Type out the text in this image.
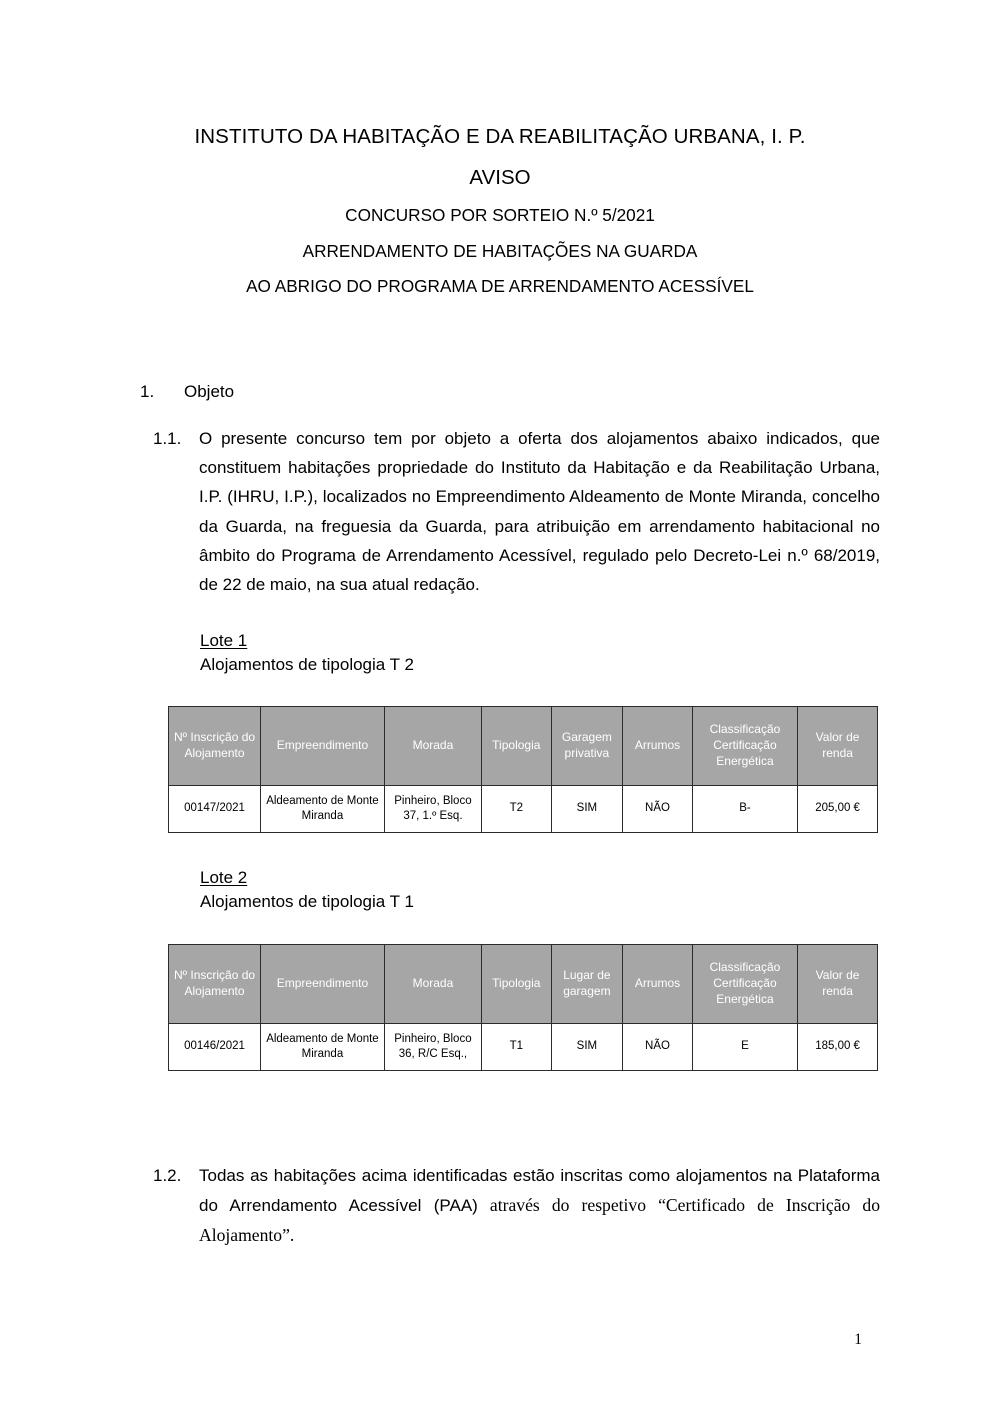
INSTITUTO DA HABITAÇÃO E DA REABILITAÇÃO URBANA, I. P.
AVISO
CONCURSO POR SORTEIO N.º 5/2021
ARRENDAMENTO DE HABITAÇÕES NA GUARDA
AO ABRIGO DO PROGRAMA DE ARRENDAMENTO ACESSÍVEL
1.	Objeto
1.1.	O presente concurso tem por objeto a oferta dos alojamentos abaixo indicados, que constituem habitações propriedade do Instituto da Habitação e da Reabilitação Urbana, I.P. (IHRU, I.P.), localizados no Empreendimento Aldeamento de Monte Miranda, concelho da Guarda, na freguesia da Guarda, para atribuição em arrendamento habitacional no âmbito do Programa de Arrendamento Acessível, regulado pelo Decreto-Lei n.º 68/2019, de 22 de maio, na sua atual redação.
Lote 1
Alojamentos de tipologia T 2
Nº Inscrição do Alojamento	Empreendimento	Morada	Tipologia	Garagem privativa	Arrumos	Classificação Certificação Energética	Valor de renda
00147/2021	Aldeamento de Monte Miranda	Pinheiro, Bloco 37, 1.º Esq.	T2	SIM	NÃO	B-	205,00 €
Lote 2
Alojamentos de tipologia T 1
Nº Inscrição do Alojamento	Empreendimento	Morada	Tipologia	Lugar de garagem	Arrumos	Classificação Certificação Energética	Valor de renda
00146/2021	Aldeamento de Monte Miranda	Pinheiro, Bloco 36, R/C Esq.,	T1	SIM	NÃO	E	185,00 €
1.2.	Todas as habitações acima identificadas estão inscritas como alojamentos na Plataforma do Arrendamento Acessível (PAA) através do respetivo “Certificado de Inscrição do Alojamento”.
1
